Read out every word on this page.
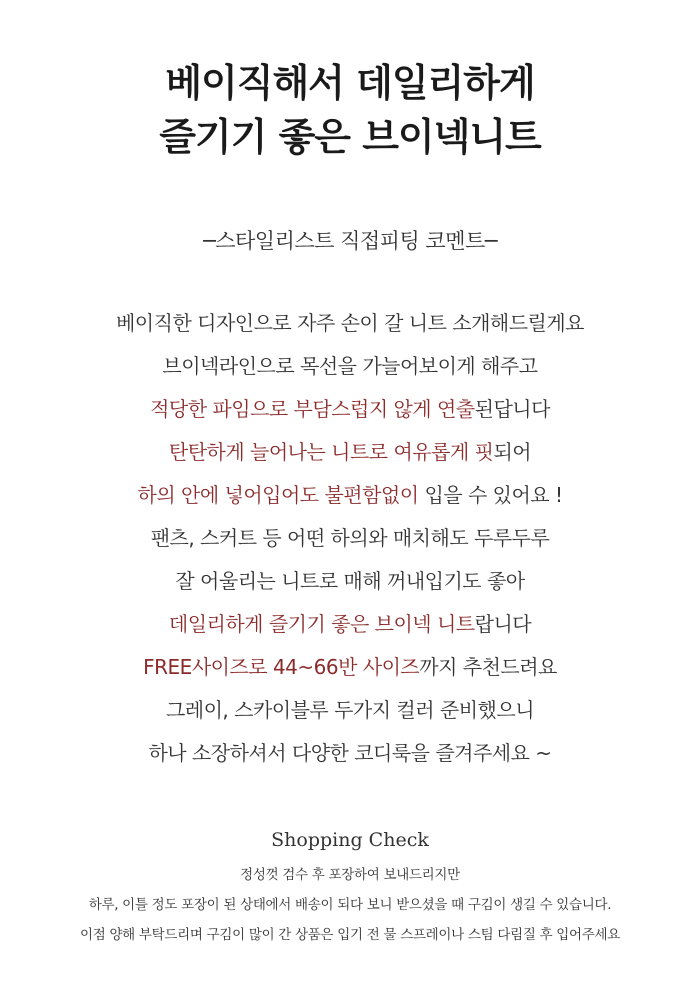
베이직해서 데일리하게
즐기기 좋은 브이넥니트
─스타일리스트 직접피팅 코멘트─
베이직한 디자인으로 자주 손이 갈 니트 소개해드릴게요
브이넥라인으로 목선을 가늘어보이게 해주고
적당한 파임으로 부담스럽지 않게 연출된답니다
탄탄하게 늘어나는 니트로 여유롭게 핏되어
하의 안에 넣어입어도 불편함없이 입을 수 있어요 !
팬츠, 스커트 등 어떤 하의와 매치해도 두루두루
잘 어울리는 니트로 매해 꺼내입기도 좋아
데일리하게 즐기기 좋은 브이넥 니트랍니다
FREE사이즈로 44~66반 사이즈까지 추천드려요
그레이, 스카이블루 두가지 컬러 준비했으니
하나 소장하셔서 다양한 코디룩을 즐겨주세요 ~
Shopping Check
정성껏 검수 후 포장하여 보내드리지만
하루, 이틀 정도 포장이 된 상태에서 배송이 되다 보니 받으셨을 때 구김이 생길 수 있습니다.
이점 양해 부탁드리며 구김이 많이 간 상품은 입기 전 물 스프레이나 스팀 다림질 후 입어주세요
